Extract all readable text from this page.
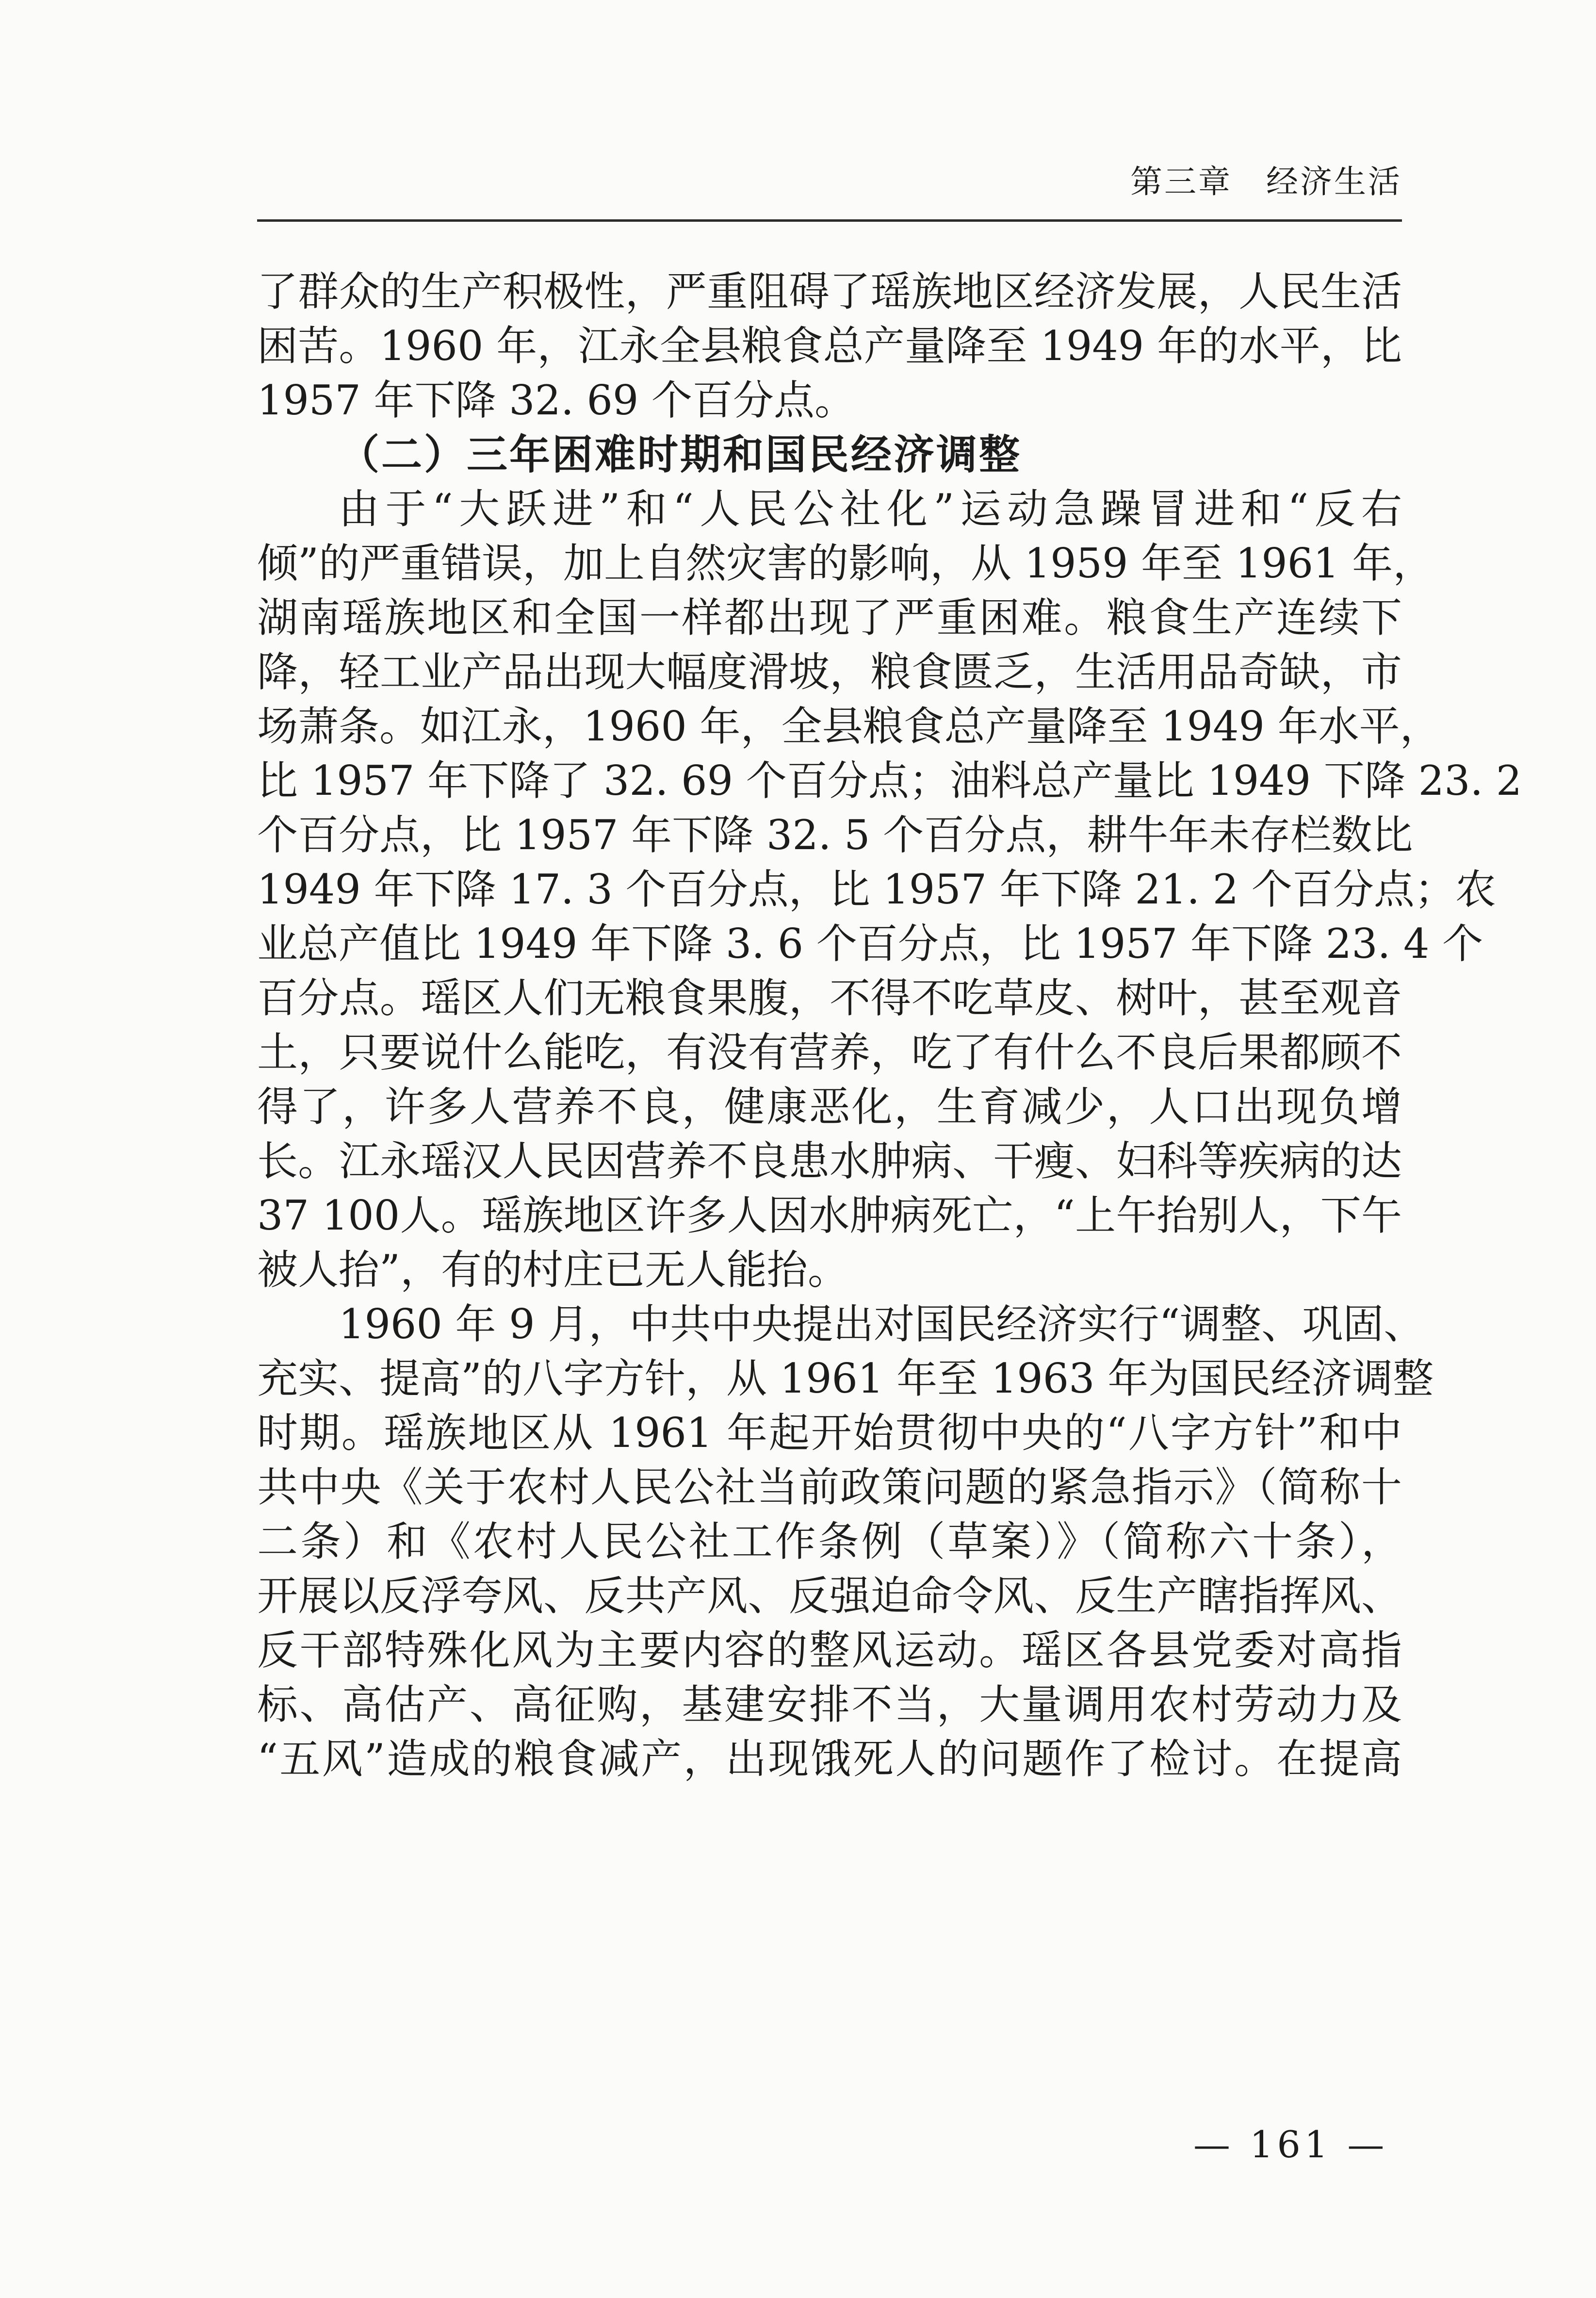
第三章 经济生活

了群众的生产积极性，严重阻碍了瑶族地区经济发展，人民生活
困苦。1960 年，江永全县粮食总产量降至 1949 年的水平，比
1957 年下降 32. 69 个百分点。

（二）三年困难时期和国民经济调整

由于“大跃进”和“人民公社化”运动急躁冒进和“反右
倾”的严重错误，加上自然灾害的影响，从 1959 年至 1961 年，
湖南瑶族地区和全国一样都出现了严重困难。粮食生产连续下
降，轻工业产品出现大幅度滑坡，粮食匮乏，生活用品奇缺，市
场萧条。如江永，1960 年，全县粮食总产量降至 1949 年水平，
比 1957 年下降了 32. 69 个百分点；油料总产量比 1949 下降 23. 2
个百分点，比 1957 年下降 32. 5 个百分点，耕牛年未存栏数比
1949 年下降 17. 3 个百分点，比 1957 年下降 21. 2 个百分点；农
业总产值比 1949 年下降 3. 6 个百分点，比 1957 年下降 23. 4 个
百分点。瑶区人们无粮食果腹，不得不吃草皮、树叶，甚至观音
土，只要说什么能吃，有没有营养，吃了有什么不良后果都顾不
得了，许多人营养不良，健康恶化，生育减少，人口出现负增
长。江永瑶汉人民因营养不良患水肿病、干瘦、妇科等疾病的达
37 100人。瑶族地区许多人因水肿病死亡，“上午抬别人，下午
被人抬”，有的村庄已无人能抬。

1960 年 9 月，中共中央提出对国民经济实行“调整、巩固、
充实、提高”的八字方针，从 1961 年至 1963 年为国民经济调整
时期。瑶族地区从 1961 年起开始贯彻中央的“八字方针”和中
共中央《关于农村人民公社当前政策问题的紧急指示》（简称十
二条）和《农村人民公社工作条例（草案）》（简称六十条），
开展以反浮夸风、反共产风、反强迫命令风、反生产瞎指挥风、
反干部特殊化风为主要内容的整风运动。瑶区各县党委对高指
标、高估产、高征购，基建安排不当，大量调用农村劳动力及
“五风”造成的粮食减产，出现饿死人的问题作了检讨。在提高

— 161 —
